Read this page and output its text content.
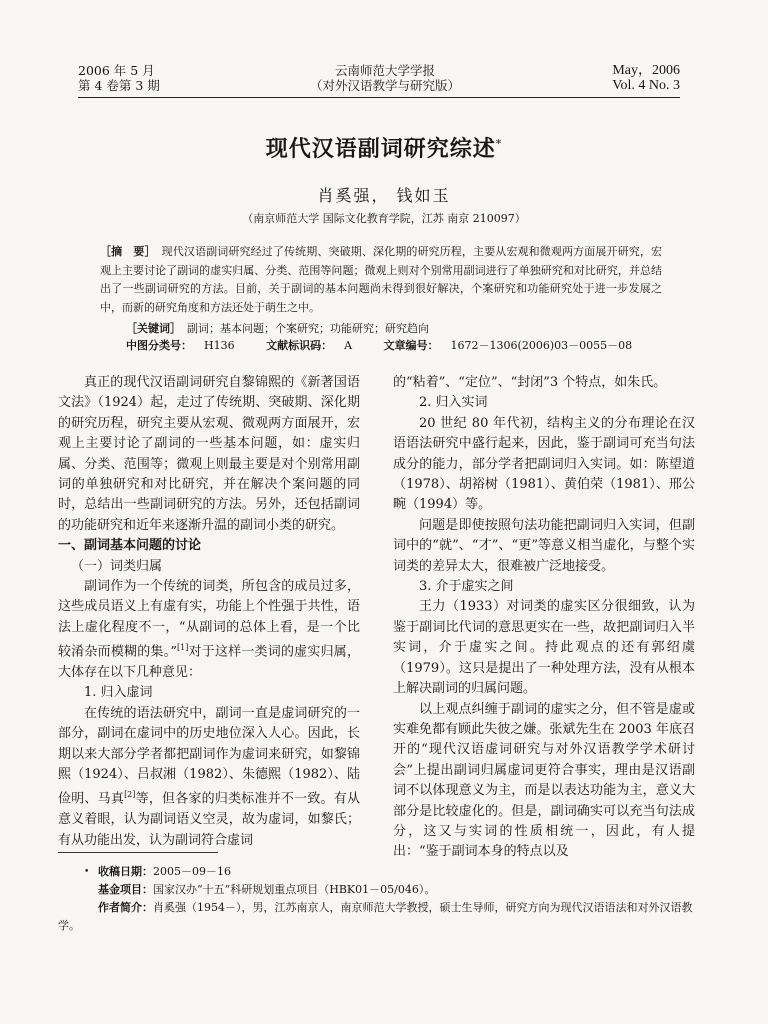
2006 年 5 月
第 4 卷第 3 期
云南师范大学学报
（对外汉语教学与研究版）
May，2006
Vol. 4 No. 3
现代汉语副词研究综述*
肖奚强， 钱如玉
（南京师范大学 国际文化教育学院，江苏 南京 210097）
［摘　要］ 现代汉语副词研究经过了传统期、突破期、深化期的研究历程，主要从宏观和微观两方面展开研究，宏观上主要讨论了副词的虚实归属、分类、范围等问题；微观上则对个别常用副词进行了单独研究和对比研究，并总结出了一些副词研究的方法。目前，关于副词的基本问题尚未得到很好解决，个案研究和功能研究处于进一步发展之中，而新的研究角度和方法还处于萌生之中。
［关键词］ 副词；基本问题；个案研究；功能研究；研究趋向
中图分类号： H136	文献标识码： A	文章编号： 1672－1306(2006)03－0055－08

真正的现代汉语副词研究自黎锦熙的《新著国语文法》（1924）起，走过了传统期、突破期、深化期的研究历程，研究主要从宏观、微观两方面展开，宏观上主要讨论了副词的一些基本问题，如：虚实归属、分类、范围等；微观上则最主要是对个别常用副词的单独研究和对比研究，并在解决个案问题的同时，总结出一些副词研究的方法。另外，还包括副词的功能研究和近年来逐渐升温的副词小类的研究。

一、副词基本问题的讨论

（一）词类归属

副词作为一个传统的词类，所包含的成员过多，这些成员语义上有虚有实，功能上个性强于共性，语法上虚化程度不一，“从副词的总体上看，是一个比较淆杂而模糊的集。”[1]对于这样一类词的虚实归属，大体存在以下几种意见：

1. 归入虚词

在传统的语法研究中，副词一直是虚词研究的一部分，副词在虚词中的历史地位深入人心。因此，长期以来大部分学者都把副词作为虚词来研究，如黎锦熙（1924）、吕叔湘（1982）、朱德熙（1982）、陆俭明、马真[2]等，但各家的归类标准并不一致。有从意义着眼，认为副词语义空灵，故为虚词，如黎氏；有从功能出发，认为副词符合虚词

的“粘着”、“定位”、“封闭”3 个特点，如朱氏。

2. 归入实词

20 世纪 80 年代初，结构主义的分布理论在汉语语法研究中盛行起来，因此，鉴于副词可充当句法成分的能力，部分学者把副词归入实词。如：陈望道（1978）、胡裕树（1981）、黄伯荣（1981）、邢公畹（1994）等。

问题是即使按照句法功能把副词归入实词，但副词中的“就”、“才”、“更”等意义相当虚化，与整个实词类的差异太大，很难被广泛地接受。

3. 介于虚实之间

王力（1933）对词类的虚实区分很细致，认为鉴于副词比代词的意思更实在一些，故把副词归入半实词，介于虚实之间。持此观点的还有郭绍虞（1979）。这只是提出了一种处理方法，没有从根本上解决副词的归属问题。

以上观点纠缠于副词的虚实之分，但不管是虚或实难免都有顾此失彼之嫌。张斌先生在 2003 年底召开的“现代汉语虚词研究与对外汉语教学学术研讨会”上提出副词归属虚词更符合事实，理由是汉语副词不以体现意义为主，而是以表达功能为主，意义大部分是比较虚化的。但是，副词确实可以充当句法成分，这又与实词的性质相统一，因此，有人提出：“鉴于副词本身的特点以及

• 收稿日期：2005－09－16
基金项目：国家汉办“十五”科研规划重点项目（HBK01－05/046）。
作者简介：肖奚强（1954－），男，江苏南京人，南京师范大学教授，硕士生导师，研究方向为现代汉语语法和对外汉语教学。
